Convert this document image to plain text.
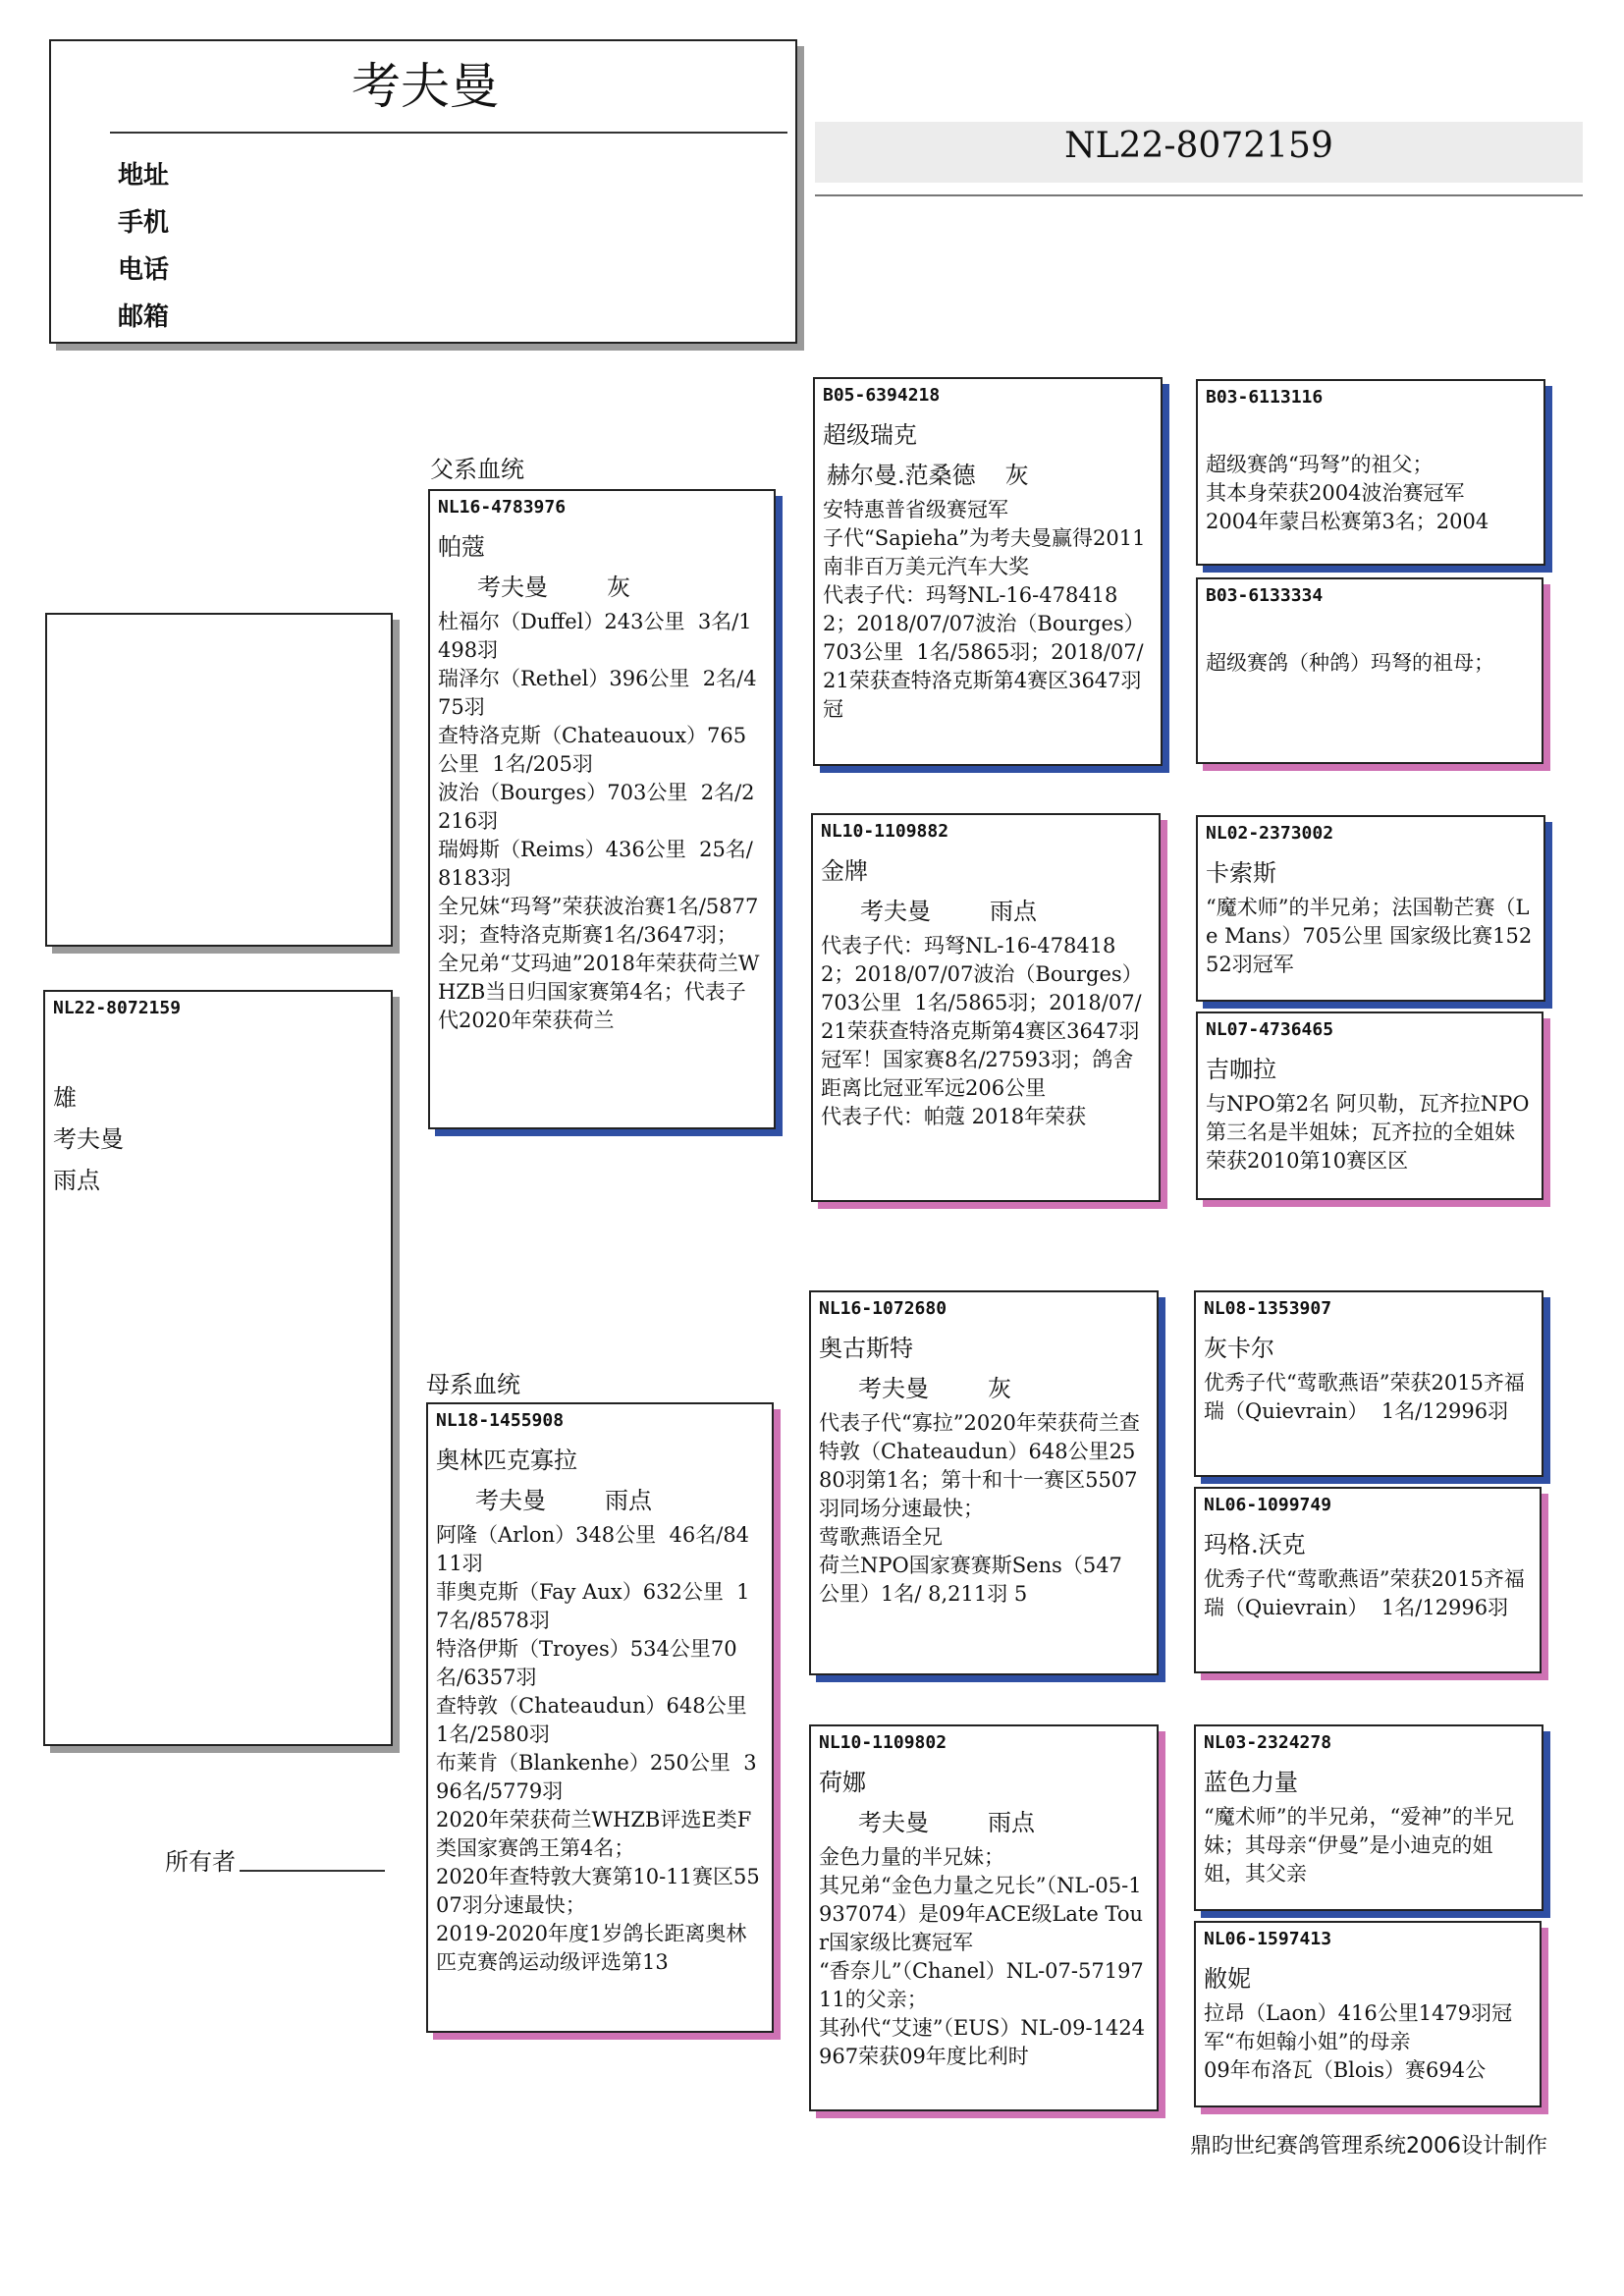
考夫曼
地址
手机
电话
邮箱
NL22-8072159
NL22-8072159
雄
考夫曼
雨点
所有者
父系血统
母系血统
NL16-4783976
帕蔻
考夫曼	灰
杜福尔（Duffel）243公里  3名/1498羽
瑞泽尔（Rethel）396公里  2名/475羽
查特洛克斯（Chateauoux）765公里  1名/205羽
波治（Bourges）703公里  2名/2216羽
瑞姆斯（Reims）436公里  25名/8183羽
全兄妹“玛弩”荣获波治赛1名/5877羽；查特洛克斯赛1名/3647羽；
全兄弟“艾玛迪”2018年荣获荷兰WHZB当日归国家赛第4名；代表子代2020年荣获荷兰
NL18-1455908
奥林匹克寡拉
考夫曼	雨点
阿隆（Arlon）348公里  46名/8411羽
菲奥克斯（Fay Aux）632公里  17名/8578羽
特洛伊斯（Troyes）534公里70名/6357羽
查特敦（Chateaudun）648公里  1名/2580羽
布莱肯（Blankenhe）250公里  396名/5779羽
2020年荣获荷兰WHZB评选E类F类国家赛鸽王第4名；
2020年查特敦大赛第10-11赛区5507羽分速最快；
2019-2020年度1岁鸽长距离奥林匹克赛鸽运动级评选第13
B05-6394218
超级瑞克
赫尔曼.范桑德 灰
安特惠普省级赛冠军
子代“Sapieha”为考夫曼赢得2011南非百万美元汽车大奖
代表子代：玛弩NL-16-4784182；2018/07/07波治（Bourges）703公里  1名/5865羽；2018/07/21荣获查特洛克斯第4赛区3647羽冠
NL10-1109882
金牌
考夫曼	雨点
代表子代：玛弩NL-16-4784182；2018/07/07波治（Bourges）703公里  1名/5865羽；2018/07/21荣获查特洛克斯第4赛区3647羽冠军！国家赛8名/27593羽；鸽舍距离比冠亚军远206公里
代表子代：帕蔻 2018年荣获
NL16-1072680
奥古斯特
考夫曼	灰
代表子代“寡拉”2020年荣获荷兰查特敦（Chateaudun）648公里2580羽第1名；第十和十一赛区5507羽同场分速最快；
莺歌燕语全兄
荷兰NPO国家赛赛斯Sens（547 公里）1名/ 8,211羽 5
NL10-1109802
荷娜
考夫曼	雨点
金色力量的半兄妹；
其兄弟“金色力量之兄长”（NL-05-1937074）是09年ACE级Late Tour国家级比赛冠军
“香奈儿”（Chanel）NL-07-5719711的父亲；
其孙代“艾速”（EUS）NL-09-1424967荣获09年度比利时
B03-6113116
超级赛鸽“玛弩”的祖父；
其本身荣获2004波治赛冠军
2004年蒙吕松赛第3名；2004
B03-6133334
超级赛鸽（种鸽）玛弩的祖母；
NL02-2373002
卡索斯
“魔术师”的半兄弟；法国勒芒赛（Le Mans）705公里 国家级比赛15252羽冠军
NL07-4736465
吉咖拉
与NPO第2名 阿贝勒，瓦齐拉NPO第三名是半姐妹；瓦齐拉的全姐妹荣获2010第10赛区区
NL08-1353907
灰卡尔
优秀子代“莺歌燕语”荣获2015齐福瑞（Quievrain）  1名/12996羽
NL06-1099749
玛格.沃克
优秀子代“莺歌燕语”荣获2015齐福瑞（Quievrain）  1名/12996羽
NL03-2324278
蓝色力量
“魔术师”的半兄弟，“爱神”的半兄妹；其母亲“伊曼”是小迪克的姐姐，其父亲
NL06-1597413
敝妮
拉昂（Laon）416公里1479羽冠军“布妲翰小姐”的母亲
09年布洛瓦（Blois）赛694公
鼎昀世纪赛鸽管理系统2006设计制作
